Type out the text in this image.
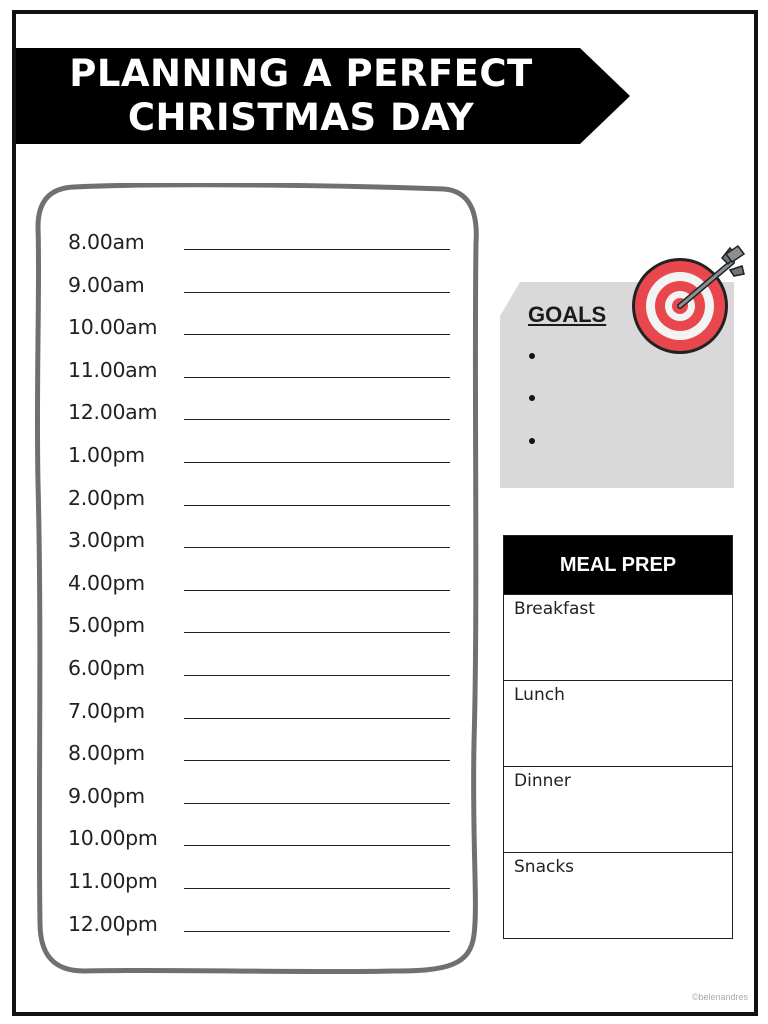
PLANNING A PERFECT
CHRISTMAS DAY
8.00am
9.00am
10.00am
11.00am
12.00am
1.00pm
2.00pm
3.00pm
4.00pm
5.00pm
6.00pm
7.00pm
8.00pm
9.00pm
10.00pm
11.00pm
12.00pm
GOALS
MEAL PREP
Breakfast
Lunch
Dinner
Snacks
©belenandres
